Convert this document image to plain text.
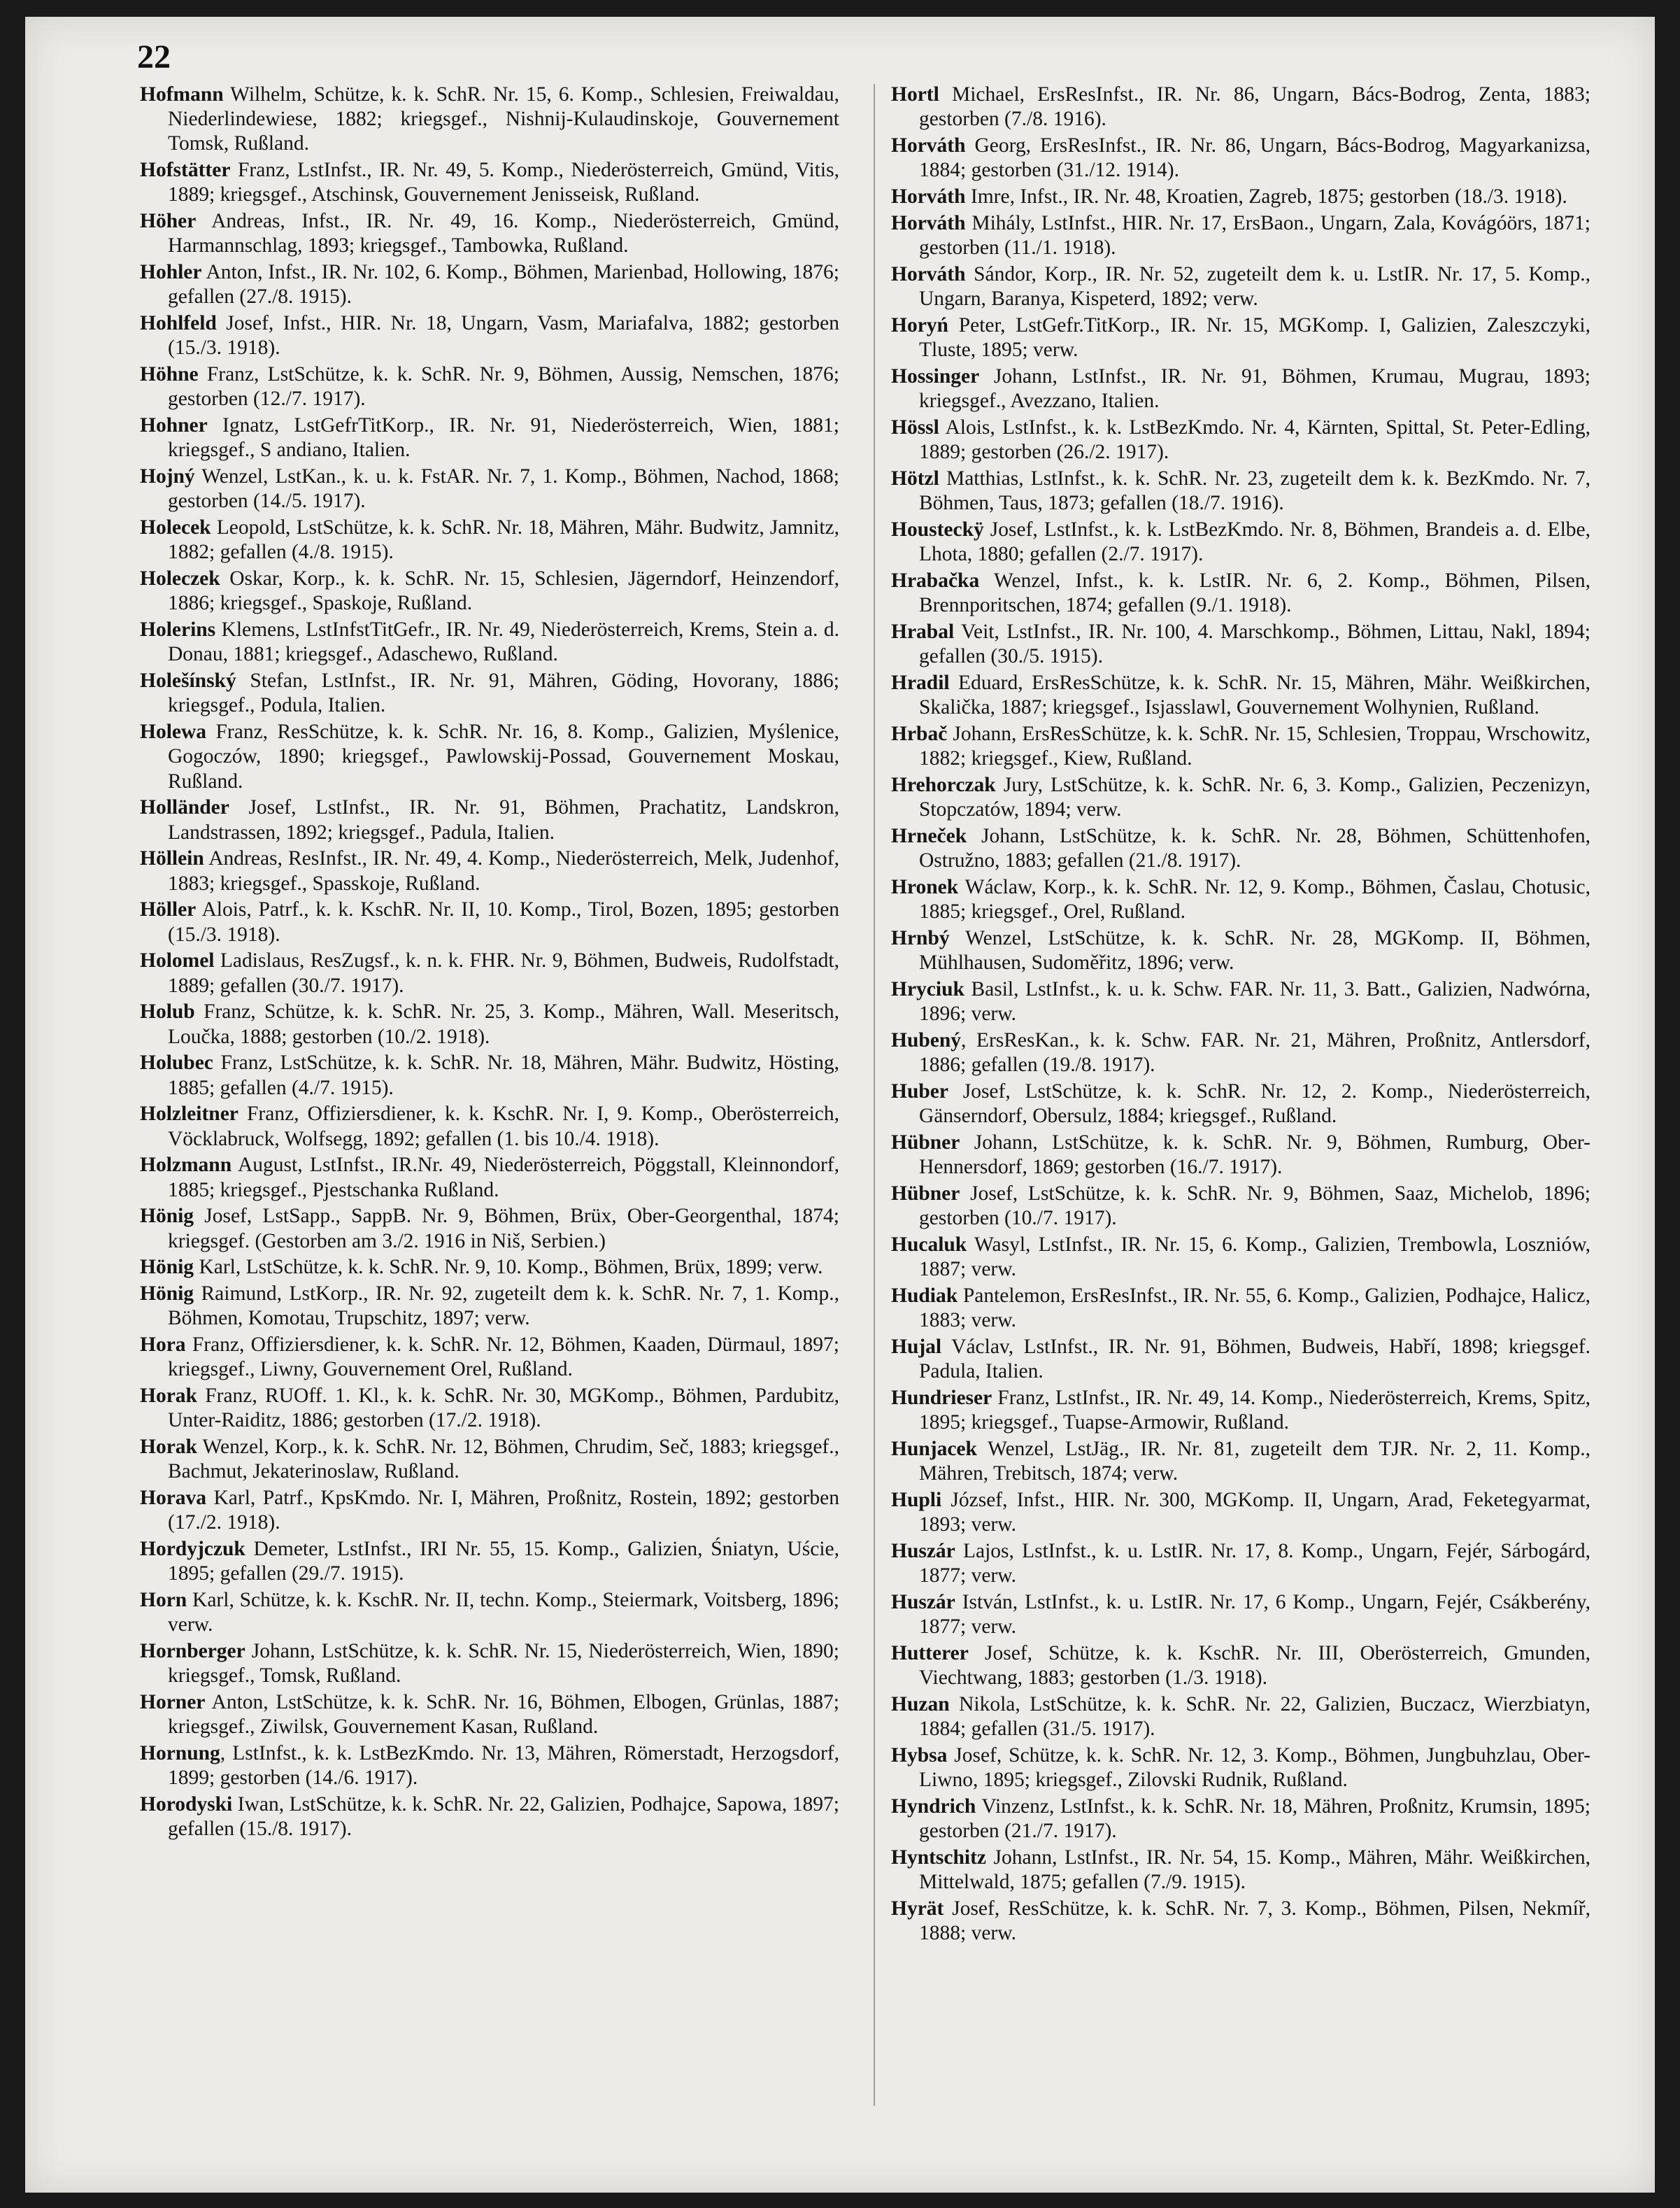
22

Hofmann Wilhelm, Schütze, k. k. SchR. Nr. 15, 6. Komp., Schlesien, Freiwaldau, Niederlindewiese, 1882; kriegsgef., Nishnij-Kulaudinskoje, Gouvernement Tomsk, Rußland.

Hofstätter Franz, LstInfst., IR. Nr. 49, 5. Komp., Niederösterreich, Gmünd, Vitis, 1889; kriegsgef., Atschinsk, Gouvernement Jenisseisk, Rußland.

Höher Andreas, Infst., IR. Nr. 49, 16. Komp., Niederösterreich, Gmünd, Harmannschlag, 1893; kriegsgef., Tambowka, Rußland.

Hohler Anton, Infst., IR. Nr. 102, 6. Komp., Böhmen, Marienbad, Hollowing, 1876; gefallen (27./8. 1915).

Hohlfeld Josef, Infst., HIR. Nr. 18, Ungarn, Vasm, Mariafalva, 1882; gestorben (15./3. 1918).

Höhne Franz, LstSchütze, k. k. SchR. Nr. 9, Böhmen, Aussig, Nemschen, 1876; gestorben (12./7. 1917).

Hohner Ignatz, LstGefrTitKorp., IR. Nr. 91, Niederösterreich, Wien, 1881; kriegsgef., S andiano, Italien.

Hojný Wenzel, LstKan., k. u. k. FstAR. Nr. 7, 1. Komp., Böhmen, Nachod, 1868; gestorben (14./5. 1917).

Holecek Leopold, LstSchütze, k. k. SchR. Nr. 18, Mähren, Mähr. Budwitz, Jamnitz, 1882; gefallen (4./8. 1915).

Holeczek Oskar, Korp., k. k. SchR. Nr. 15, Schlesien, Jägerndorf, Heinzendorf, 1886; kriegsgef., Spaskoje, Rußland.

Holerins Klemens, LstInfstTitGefr., IR. Nr. 49, Niederösterreich, Krems, Stein a. d. Donau, 1881; kriegsgef., Adaschewo, Rußland.

Holešínský Stefan, LstInfst., IR. Nr. 91, Mähren, Göding, Hovorany, 1886; kriegsgef., Podula, Italien.

Holewa Franz, ResSchütze, k. k. SchR. Nr. 16, 8. Komp., Galizien, Myślenice, Gogoczów, 1890; kriegsgef., Pawlowskij-Possad, Gouvernement Moskau, Rußland.

Holländer Josef, LstInfst., IR. Nr. 91, Böhmen, Prachatitz, Landskron, Landstrassen, 1892; kriegsgef., Padula, Italien.

Höllein Andreas, ResInfst., IR. Nr. 49, 4. Komp., Niederösterreich, Melk, Judenhof, 1883; kriegsgef., Spasskoje, Rußland.

Höller Alois, Patrf., k. k. KschR. Nr. II, 10. Komp., Tirol, Bozen, 1895; gestorben (15./3. 1918).

Holomel Ladislaus, ResZugsf., k. n. k. FHR. Nr. 9, Böhmen, Budweis, Rudolfstadt, 1889; gefallen (30./7. 1917).

Holub Franz, Schütze, k. k. SchR. Nr. 25, 3. Komp., Mähren, Wall. Meseritsch, Loučka, 1888; gestorben (10./2. 1918).

Holubec Franz, LstSchütze, k. k. SchR. Nr. 18, Mähren, Mähr. Budwitz, Hösting, 1885; gefallen (4./7. 1915).

Holzleitner Franz, Offiziersdiener, k. k. KschR. Nr. I, 9. Komp., Oberösterreich, Vöcklabruck, Wolfsegg, 1892; gefallen (1. bis 10./4. 1918).

Holzmann August, LstInfst., IR.Nr. 49, Niederösterreich, Pöggstall, Kleinnondorf, 1885; kriegsgef., Pjestschanka Rußland.

Hönig Josef, LstSapp., SappB. Nr. 9, Böhmen, Brüx, Ober-Georgenthal, 1874; kriegsgef. (Gestorben am 3./2. 1916 in Niš, Serbien.)

Hönig Karl, LstSchütze, k. k. SchR. Nr. 9, 10. Komp., Böhmen, Brüx, 1899; verw.

Hönig Raimund, LstKorp., IR. Nr. 92, zugeteilt dem k. k. SchR. Nr. 7, 1. Komp., Böhmen, Komotau, Trupschitz, 1897; verw.

Hora Franz, Offiziersdiener, k. k. SchR. Nr. 12, Böhmen, Kaaden, Dürmaul, 1897; kriegsgef., Liwny, Gouvernement Orel, Rußland.

Horak Franz, RUOff. 1. Kl., k. k. SchR. Nr. 30, MGKomp., Böhmen, Pardubitz, Unter-Raiditz, 1886; gestorben (17./2. 1918).

Horak Wenzel, Korp., k. k. SchR. Nr. 12, Böhmen, Chrudim, Seč, 1883; kriegsgef., Bachmut, Jekaterinoslaw, Rußland.

Horava Karl, Patrf., KpsKmdo. Nr. I, Mähren, Proßnitz, Rostein, 1892; gestorben (17./2. 1918).

Hordyjczuk Demeter, LstInfst., IRI Nr. 55, 15. Komp., Galizien, Śniatyn, Uście, 1895; gefallen (29./7. 1915).

Horn Karl, Schütze, k. k. KschR. Nr. II, techn. Komp., Steiermark, Voitsberg, 1896; verw.

Hornberger Johann, LstSchütze, k. k. SchR. Nr. 15, Niederösterreich, Wien, 1890; kriegsgef., Tomsk, Rußland.

Horner Anton, LstSchütze, k. k. SchR. Nr. 16, Böhmen, Elbogen, Grünlas, 1887; kriegsgef., Ziwilsk, Gouvernement Kasan, Rußland.

Hornung, LstInfst., k. k. LstBezKmdo. Nr. 13, Mähren, Römerstadt, Herzogsdorf, 1899; gestorben (14./6. 1917).

Horodyski Iwan, LstSchütze, k. k. SchR. Nr. 22, Galizien, Podhajce, Sapowa, 1897; gefallen (15./8. 1917).

Hortl Michael, ErsResInfst., IR. Nr. 86, Ungarn, Bács-Bodrog, Zenta, 1883; gestorben (7./8. 1916).

Horváth Georg, ErsResInfst., IR. Nr. 86, Ungarn, Bács-Bodrog, Magyarkanizsa, 1884; gestorben (31./12. 1914).

Horváth Imre, Infst., IR. Nr. 48, Kroatien, Zagreb, 1875; gestorben (18./3. 1918).

Horváth Mihály, LstInfst., HIR. Nr. 17, ErsBaon., Ungarn, Zala, Kovágóörs, 1871; gestorben (11./1. 1918).

Horváth Sándor, Korp., IR. Nr. 52, zugeteilt dem k. u. LstIR. Nr. 17, 5. Komp., Ungarn, Baranya, Kispeterd, 1892; verw.

Horyń Peter, LstGefr.TitKorp., IR. Nr. 15, MGKomp. I, Galizien, Zaleszczyki, Tluste, 1895; verw.

Hossinger Johann, LstInfst., IR. Nr. 91, Böhmen, Krumau, Mugrau, 1893; kriegsgef., Avezzano, Italien.

Hössl Alois, LstInfst., k. k. LstBezKmdo. Nr. 4, Kärnten, Spittal, St. Peter-Edling, 1889; gestorben (26./2. 1917).

Hötzl Matthias, LstInfst., k. k. SchR. Nr. 23, zugeteilt dem k. k. BezKmdo. Nr. 7, Böhmen, Taus, 1873; gefallen (18./7. 1916).

Housteckÿ Josef, LstInfst., k. k. LstBezKmdo. Nr. 8, Böhmen, Brandeis a. d. Elbe, Lhota, 1880; gefallen (2./7. 1917).

Hrabačka Wenzel, Infst., k. k. LstIR. Nr. 6, 2. Komp., Böhmen, Pilsen, Brennporitschen, 1874; gefallen (9./1. 1918).

Hrabal Veit, LstInfst., IR. Nr. 100, 4. Marschkomp., Böhmen, Littau, Nakl, 1894; gefallen (30./5. 1915).

Hradil Eduard, ErsResSchütze, k. k. SchR. Nr. 15, Mähren, Mähr. Weißkirchen, Skalička, 1887; kriegsgef., Isjasslawl, Gouvernement Wolhynien, Rußland.

Hrbač Johann, ErsResSchütze, k. k. SchR. Nr. 15, Schlesien, Troppau, Wrschowitz, 1882; kriegsgef., Kiew, Rußland.

Hrehorczak Jury, LstSchütze, k. k. SchR. Nr. 6, 3. Komp., Galizien, Peczenizyn, Stopczatów, 1894; verw.

Hrneček Johann, LstSchütze, k. k. SchR. Nr. 28, Böhmen, Schüttenhofen, Ostružno, 1883; gefallen (21./8. 1917).

Hronek Wáclaw, Korp., k. k. SchR. Nr. 12, 9. Komp., Böhmen, Časlau, Chotusic, 1885; kriegsgef., Orel, Rußland.

Hrnbý Wenzel, LstSchütze, k. k. SchR. Nr. 28, MGKomp. II, Böhmen, Mühlhausen, Sudoměřitz, 1896; verw.

Hryciuk Basil, LstInfst., k. u. k. Schw. FAR. Nr. 11, 3. Batt., Galizien, Nadwórna, 1896; verw.

Hubený, ErsResKan., k. k. Schw. FAR. Nr. 21, Mähren, Proßnitz, Antlersdorf, 1886; gefallen (19./8. 1917).

Huber Josef, LstSchütze, k. k. SchR. Nr. 12, 2. Komp., Niederösterreich, Gänserndorf, Obersulz, 1884; kriegsgef., Rußland.

Hübner Johann, LstSchütze, k. k. SchR. Nr. 9, Böhmen, Rumburg, Ober-Hennersdorf, 1869; gestorben (16./7. 1917).

Hübner Josef, LstSchütze, k. k. SchR. Nr. 9, Böhmen, Saaz, Michelob, 1896; gestorben (10./7. 1917).

Hucaluk Wasyl, LstInfst., IR. Nr. 15, 6. Komp., Galizien, Trembowla, Loszniów, 1887; verw.

Hudiak Pantelemon, ErsResInfst., IR. Nr. 55, 6. Komp., Galizien, Podhajce, Halicz, 1883; verw.

Hujal Václav, LstInfst., IR. Nr. 91, Böhmen, Budweis, Habří, 1898; kriegsgef. Padula, Italien.

Hundrieser Franz, LstInfst., IR. Nr. 49, 14. Komp., Niederösterreich, Krems, Spitz, 1895; kriegsgef., Tuapse-Armowir, Rußland.

Hunjacek Wenzel, LstJäg., IR. Nr. 81, zugeteilt dem TJR. Nr. 2, 11. Komp., Mähren, Trebitsch, 1874; verw.

Hupli József, Infst., HIR. Nr. 300, MGKomp. II, Ungarn, Arad, Feketegyarmat, 1893; verw.

Huszár Lajos, LstInfst., k. u. LstIR. Nr. 17, 8. Komp., Ungarn, Fejér, Sárbogárd, 1877; verw.

Huszár István, LstInfst., k. u. LstIR. Nr. 17, 6 Komp., Ungarn, Fejér, Csákberény, 1877; verw.

Hutterer Josef, Schütze, k. k. KschR. Nr. III, Oberösterreich, Gmunden, Viechtwang, 1883; gestorben (1./3. 1918).

Huzan Nikola, LstSchütze, k. k. SchR. Nr. 22, Galizien, Buczacz, Wierzbiatyn, 1884; gefallen (31./5. 1917).

Hybsa Josef, Schütze, k. k. SchR. Nr. 12, 3. Komp., Böhmen, Jungbuhzlau, Ober-Liwno, 1895; kriegsgef., Zilovski Rudnik, Rußland.

Hyndrich Vinzenz, LstInfst., k. k. SchR. Nr. 18, Mähren, Proßnitz, Krumsin, 1895; gestorben (21./7. 1917).

Hyntschitz Johann, LstInfst., IR. Nr. 54, 15. Komp., Mähren, Mähr. Weißkirchen, Mittelwald, 1875; gefallen (7./9. 1915).

Hyrät Josef, ResSchütze, k. k. SchR. Nr. 7, 3. Komp., Böhmen, Pilsen, Nekmíř, 1888; verw.
